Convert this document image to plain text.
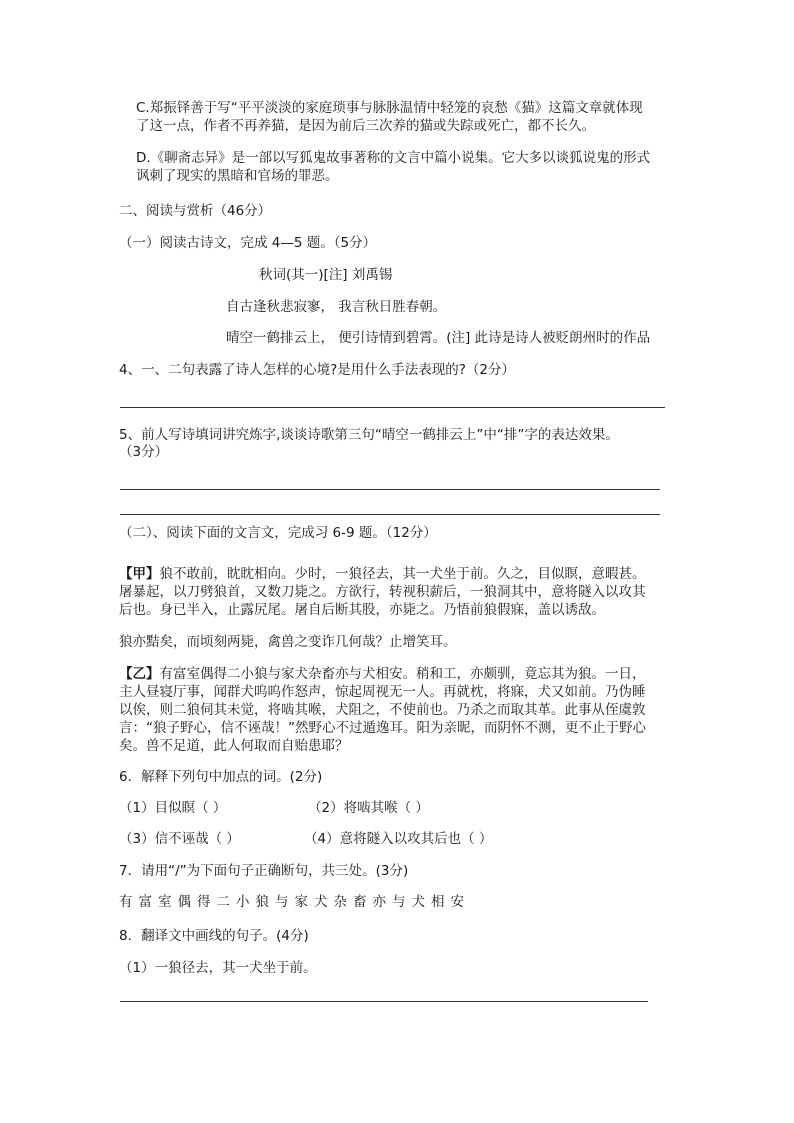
C.郑振铎善于写“平平淡淡的家庭琐事与脉脉温情中轻笼的哀愁《猫》这篇文章就体现

了这一点，作者不再养猫，是因为前后三次养的猫或失踪或死亡，都不长久。

D.《聊斋志异》是一部以写狐鬼故事著称的文言中篇小说集。它大多以谈狐说鬼的形式

讽刺了现实的黑暗和官场的罪恶。

二、阅读与赏析（46分）

（一）阅读古诗文，完成 4—5 题。（5分）

秋词(其一)[注] 刘禹锡

自古逢秋悲寂寥， 我言秋日胜春朝。

晴空一鹤排云上， 便引诗情到碧霄。(注] 此诗是诗人被贬朗州时的作品

4、一、二句表露了诗人怎样的心境?是用什么手法表现的?（2分）

5、前人写诗填词讲究炼字,谈谈诗歌第三句“晴空一鹤排云上”中“排”字的表达效果。

（3分）

（二）、阅读下面的文言文，完成习 6-9 题。（12分）

【甲】狼不敢前，眈眈相向。少时，一狼径去，其一犬坐于前。久之，目似瞑，意暇甚。

屠暴起，以刀劈狼首，又数刀毙之。方欲行，转视积薪后，一狼洞其中，意将隧入以攻其

后也。身已半入，止露尻尾。屠自后断其股，亦毙之。乃悟前狼假寐，盖以诱敌。

狼亦黠矣，而顷刻两毙，禽兽之变诈几何哉？止增笑耳。

【乙】有富室偶得二小狼与家犬杂畜亦与犬相安。稍和工，亦颇驯，竟忘其为狼。一日，

主人昼寝厅事，闻群犬呜呜作怒声，惊起周视无一人。再就枕，将寐，犬又如前。乃伪睡

以俟，则二狼伺其未觉，将啮其喉，犬阻之，不使前也。乃杀之而取其革。此事从侄虞敦

言：“狼子野心，信不诬哉！”然野心不过遁逸耳。阳为亲昵，而阴怀不测，更不止于野心

矣。兽不足道，此人何取而自贻患耶？

6．解释下列句中加点的词。(2分)

（1）目似瞑（ ）	（2）将啮其喉（ ）

（3）信不诬哉（ ）	（4）意将隧入以攻其后也（ ）

7．请用“/”为下面句子正确断句，共三处。(3分)

有富室偶得二小狼与家犬杂畜亦与犬相安

8．翻译文中画线的句子。(4分)

（1）一狼径去，其一犬坐于前。
